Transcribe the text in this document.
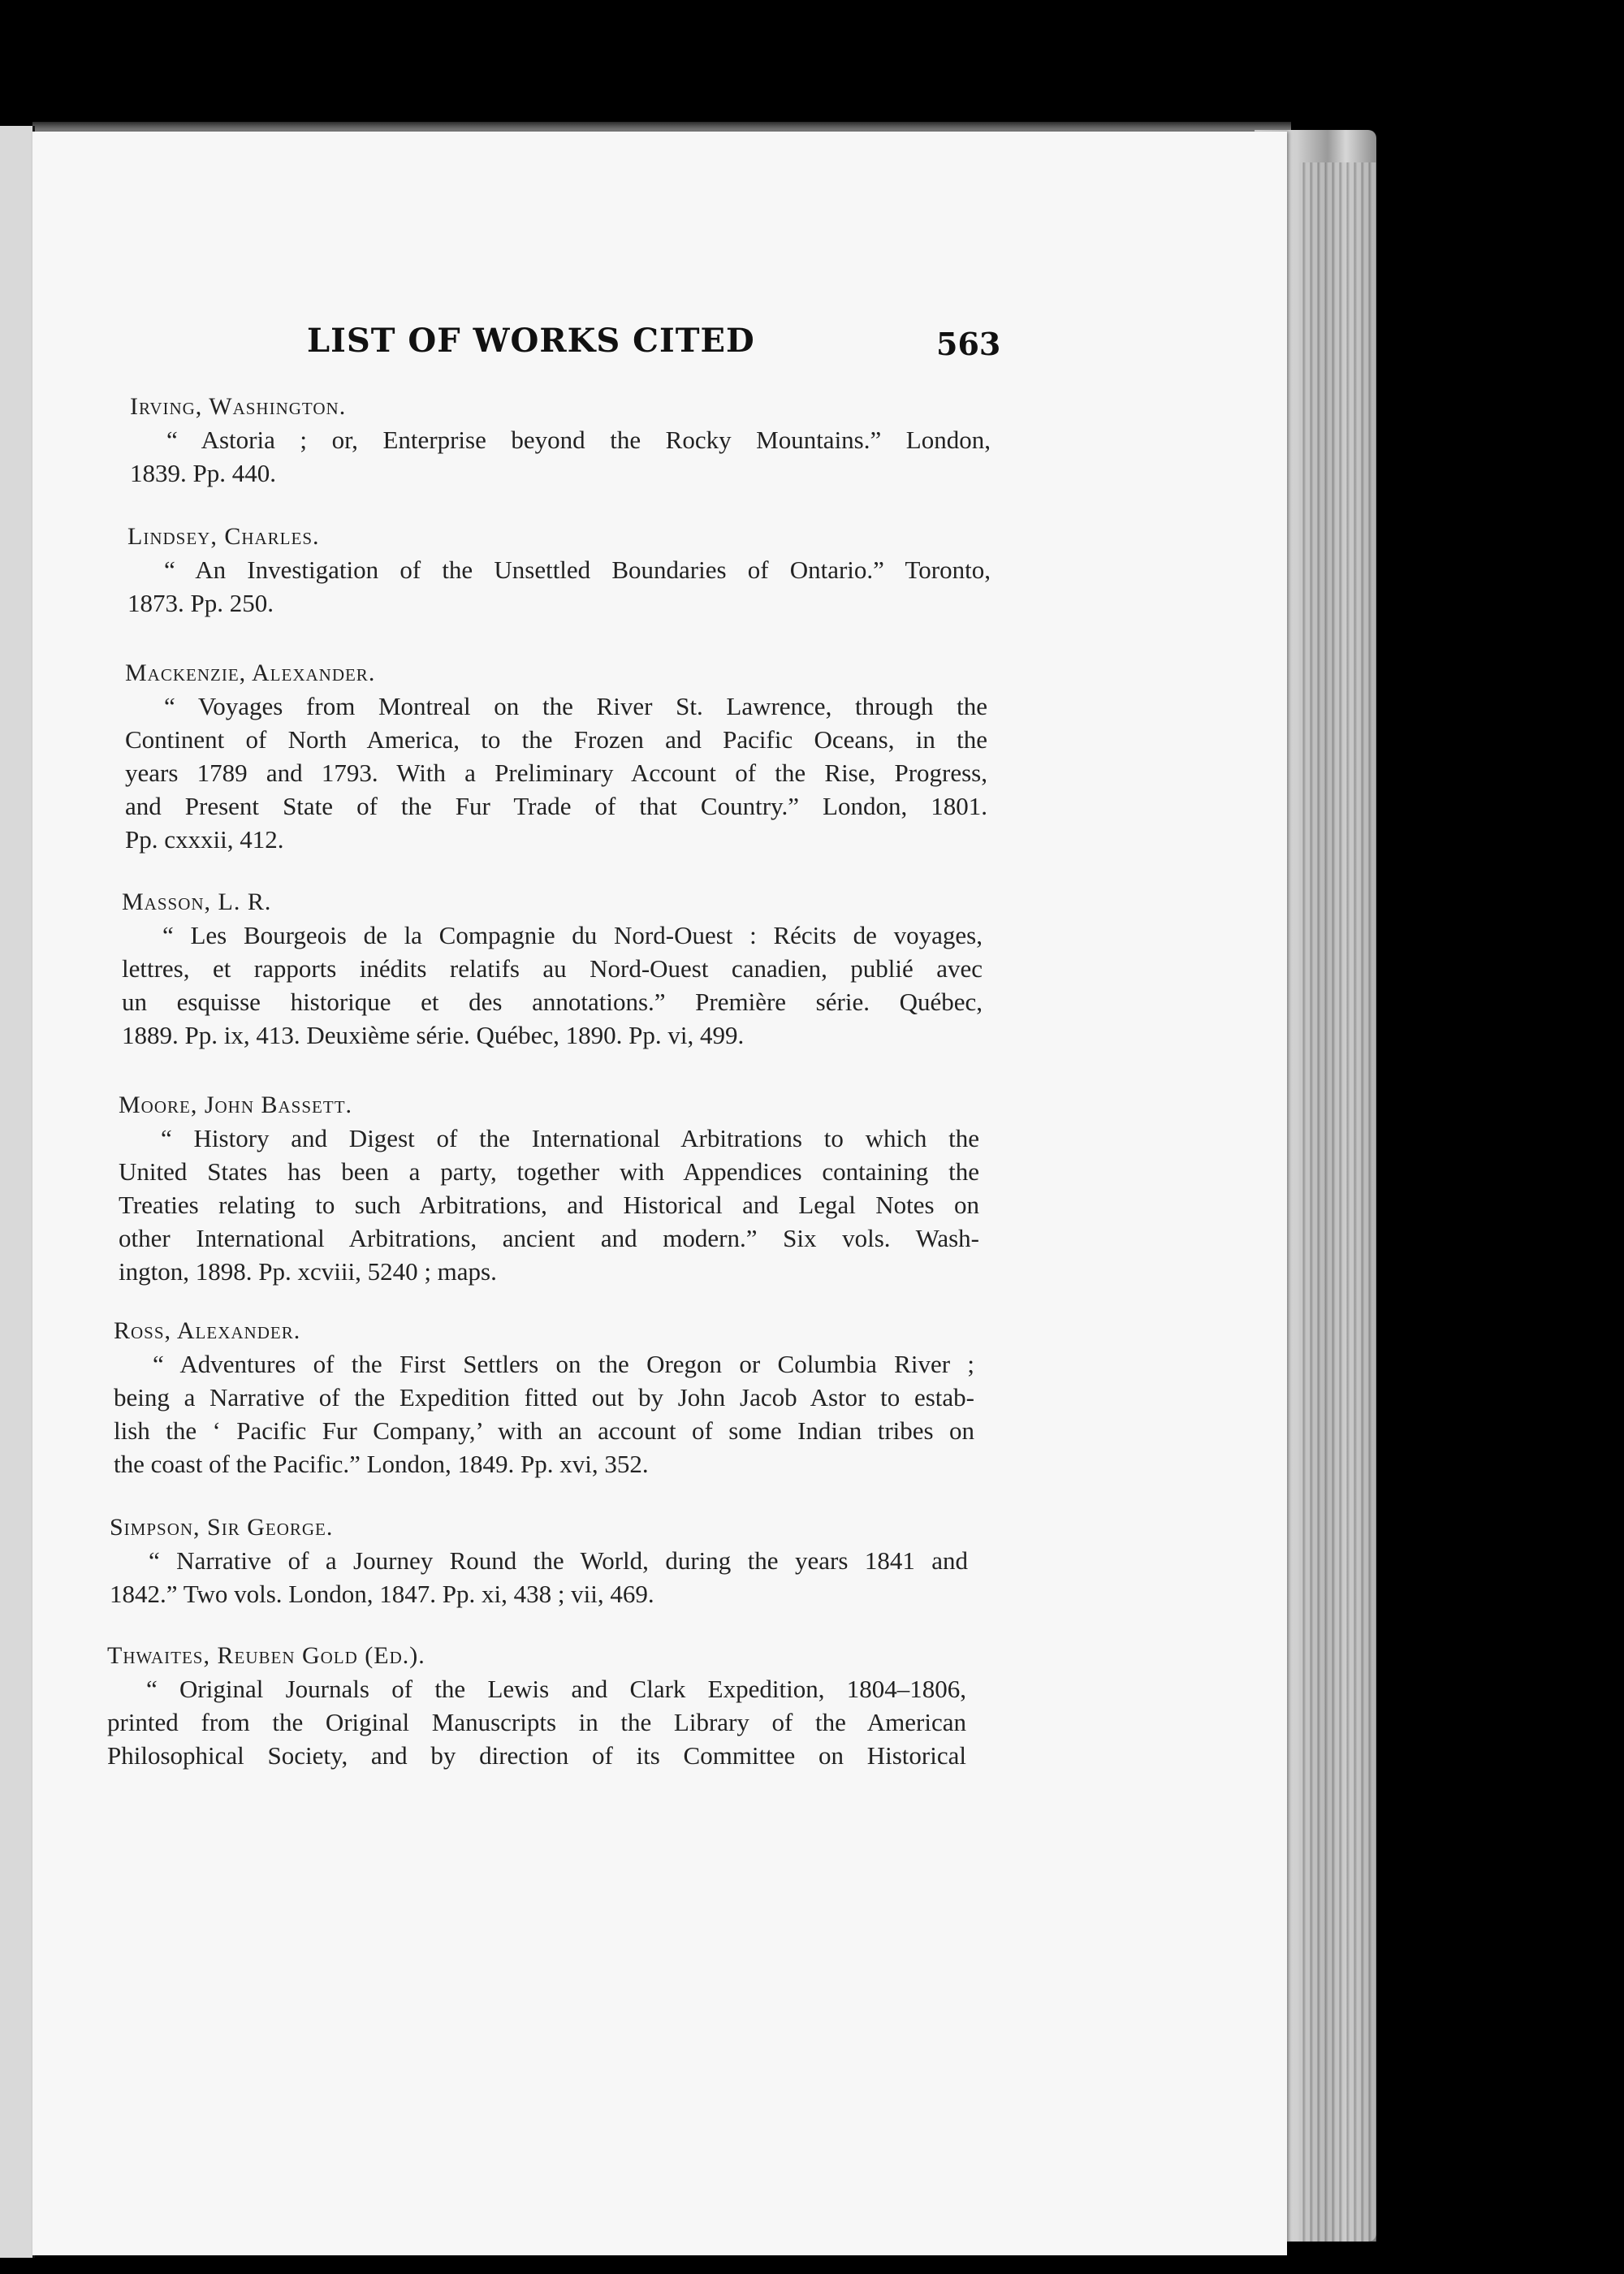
LIST OF WORKS CITED	563
Irving, Washington.
“ Astoria ; or, Enterprise beyond the Rocky Mountains.” London,
1839. Pp. 440.
Lindsey, Charles.
“ An Investigation of the Unsettled Boundaries of Ontario.” Toronto,
1873. Pp. 250.
Mackenzie, Alexander.
“ Voyages from Montreal on the River St. Lawrence, through the
Continent of North America, to the Frozen and Pacific Oceans, in the
years 1789 and 1793. With a Preliminary Account of the Rise, Progress,
and Present State of the Fur Trade of that Country.” London, 1801.
Pp. cxxxii, 412.
Masson, L. R.
“ Les Bourgeois de la Compagnie du Nord-Ouest : Récits de voyages,
lettres, et rapports inédits relatifs au Nord-Ouest canadien, publié avec
un esquisse historique et des annotations.” Première série. Québec,
1889. Pp. ix, 413. Deuxième série. Québec, 1890. Pp. vi, 499.
Moore, John Bassett.
“ History and Digest of the International Arbitrations to which the
United States has been a party, together with Appendices containing the
Treaties relating to such Arbitrations, and Historical and Legal Notes on
other International Arbitrations, ancient and modern.” Six vols. Wash-
ington, 1898. Pp. xcviii, 5240 ; maps.
Ross, Alexander.
“ Adventures of the First Settlers on the Oregon or Columbia River ;
being a Narrative of the Expedition fitted out by John Jacob Astor to estab-
lish the ‘ Pacific Fur Company,’ with an account of some Indian tribes on
the coast of the Pacific.” London, 1849. Pp. xvi, 352.
Simpson, Sir George.
“ Narrative of a Journey Round the World, during the years 1841 and
1842.” Two vols. London, 1847. Pp. xi, 438 ; vii, 469.
Thwaites, Reuben Gold (Ed.).
“ Original Journals of the Lewis and Clark Expedition, 1804–1806,
printed from the Original Manuscripts in the Library of the American
Philosophical Society, and by direction of its Committee on Historical
